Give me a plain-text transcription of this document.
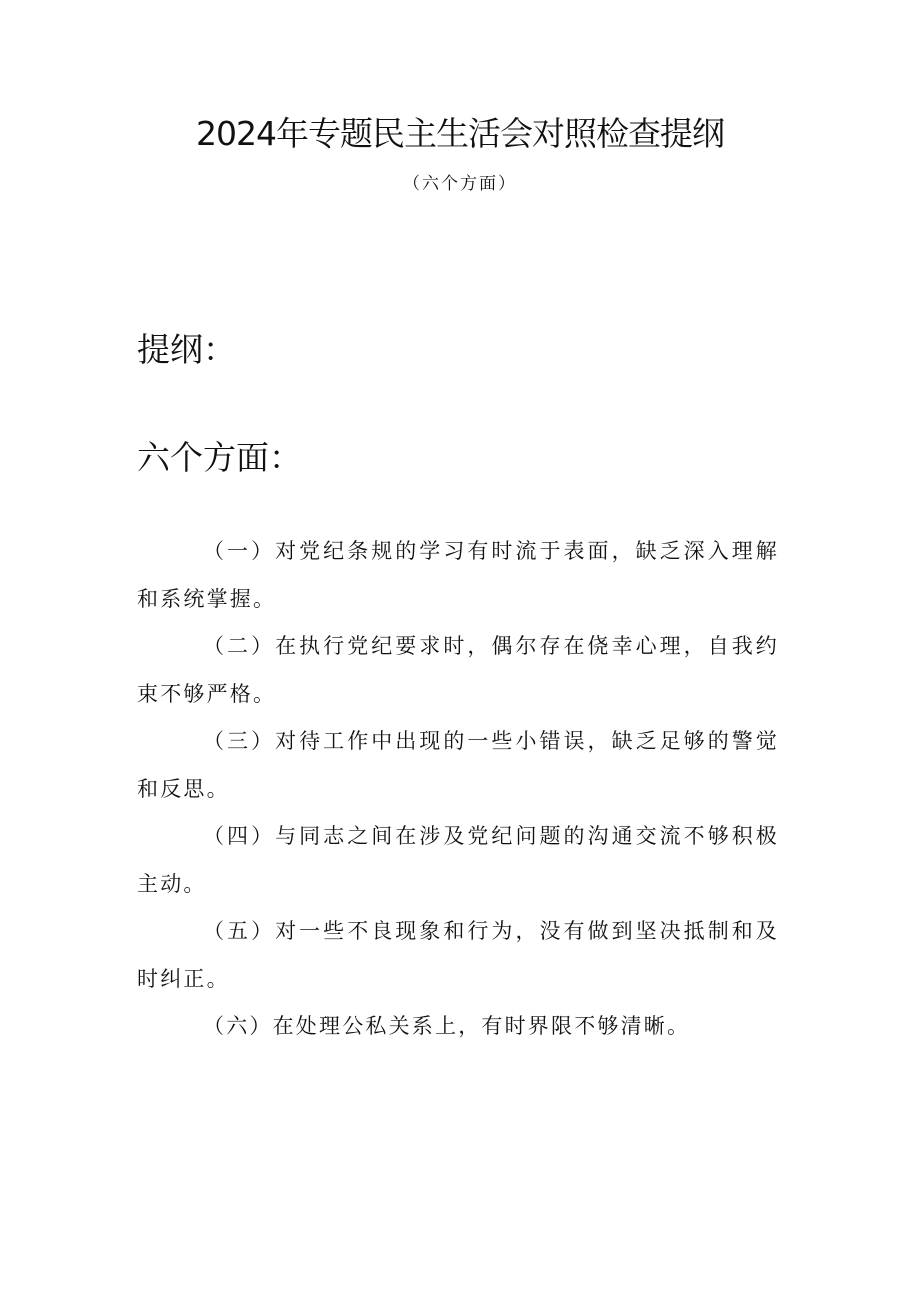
2024年专题民主生活会对照检查提纲
（六个方面）
提纲：
六个方面：
（一）对党纪条规的学习有时流于表面，缺乏深入理解和系统掌握。
（二）在执行党纪要求时，偶尔存在侥幸心理，自我约束不够严格。
（三）对待工作中出现的一些小错误，缺乏足够的警觉和反思。
（四）与同志之间在涉及党纪问题的沟通交流不够积极主动。
（五）对一些不良现象和行为，没有做到坚决抵制和及时纠正。
（六）在处理公私关系上，有时界限不够清晰。
